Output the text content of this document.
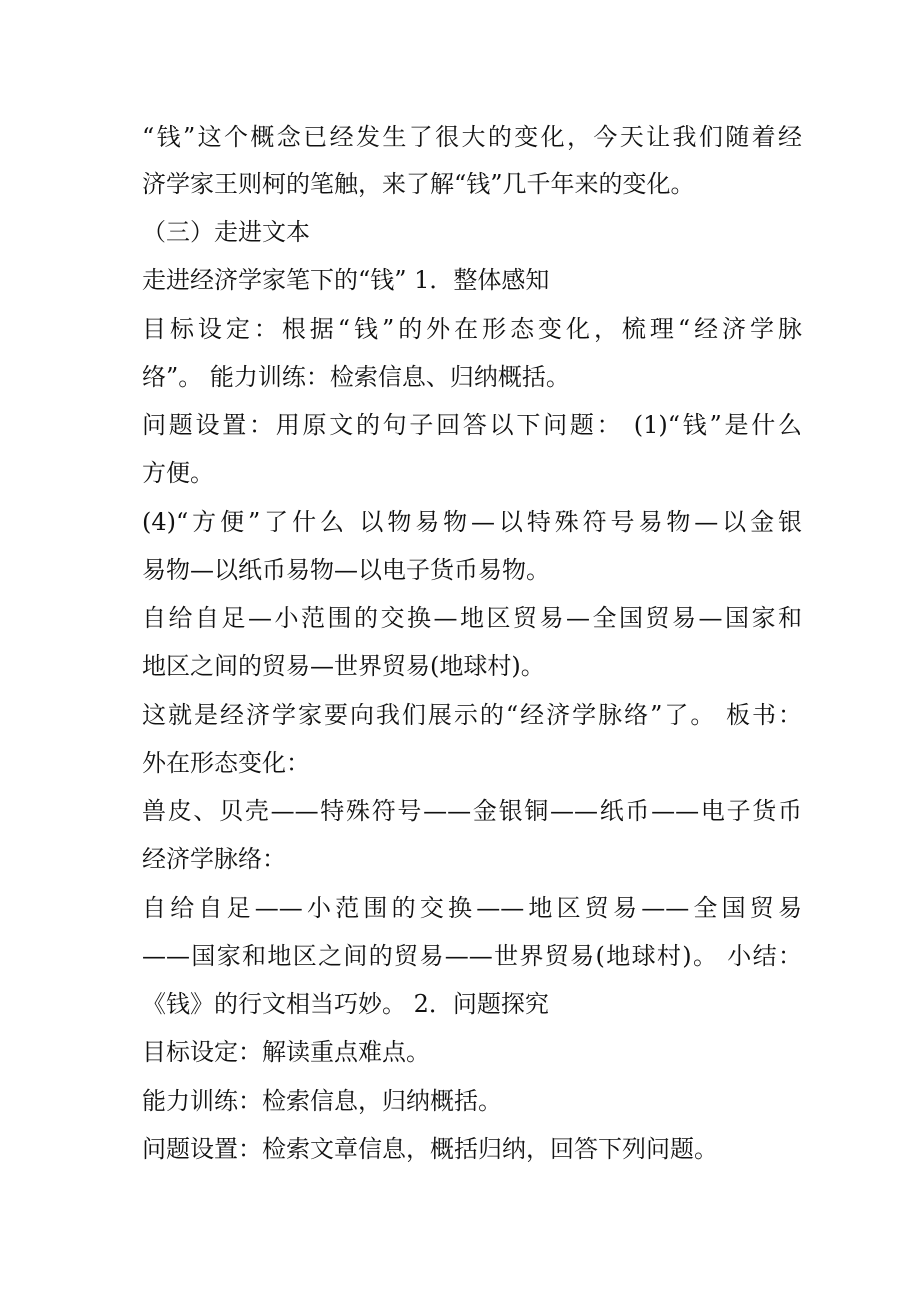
“钱”这个概念已经发生了很大的变化，今天让我们随着经
济学家王则柯的笔触，来了解“钱”几千年来的变化。
（三）走进文本
走进经济学家笔下的“钱” 1．整体感知
目标设定：根据“钱”的外在形态变化，梳理“经济学脉
络”。 能力训练：检索信息、归纳概括。
问题设置：用原文的句子回答以下问题： (1)“钱”是什么
方便。
(4)“方便”了什么 以物易物—以特殊符号易物—以金银
易物—以纸币易物—以电子货币易物。
自给自足—小范围的交换—地区贸易—全国贸易—国家和
地区之间的贸易—世界贸易(地球村)。
这就是经济学家要向我们展示的“经济学脉络”了。 板书：
外在形态变化：
兽皮、贝壳——特殊符号——金银铜——纸币——电子货币
经济学脉络：
自给自足——小范围的交换——地区贸易——全国贸易
——国家和地区之间的贸易——世界贸易(地球村)。 小结：
《钱》的行文相当巧妙。 2．问题探究
目标设定：解读重点难点。
能力训练：检索信息，归纳概括。
问题设置：检索文章信息，概括归纳，回答下列问题。
